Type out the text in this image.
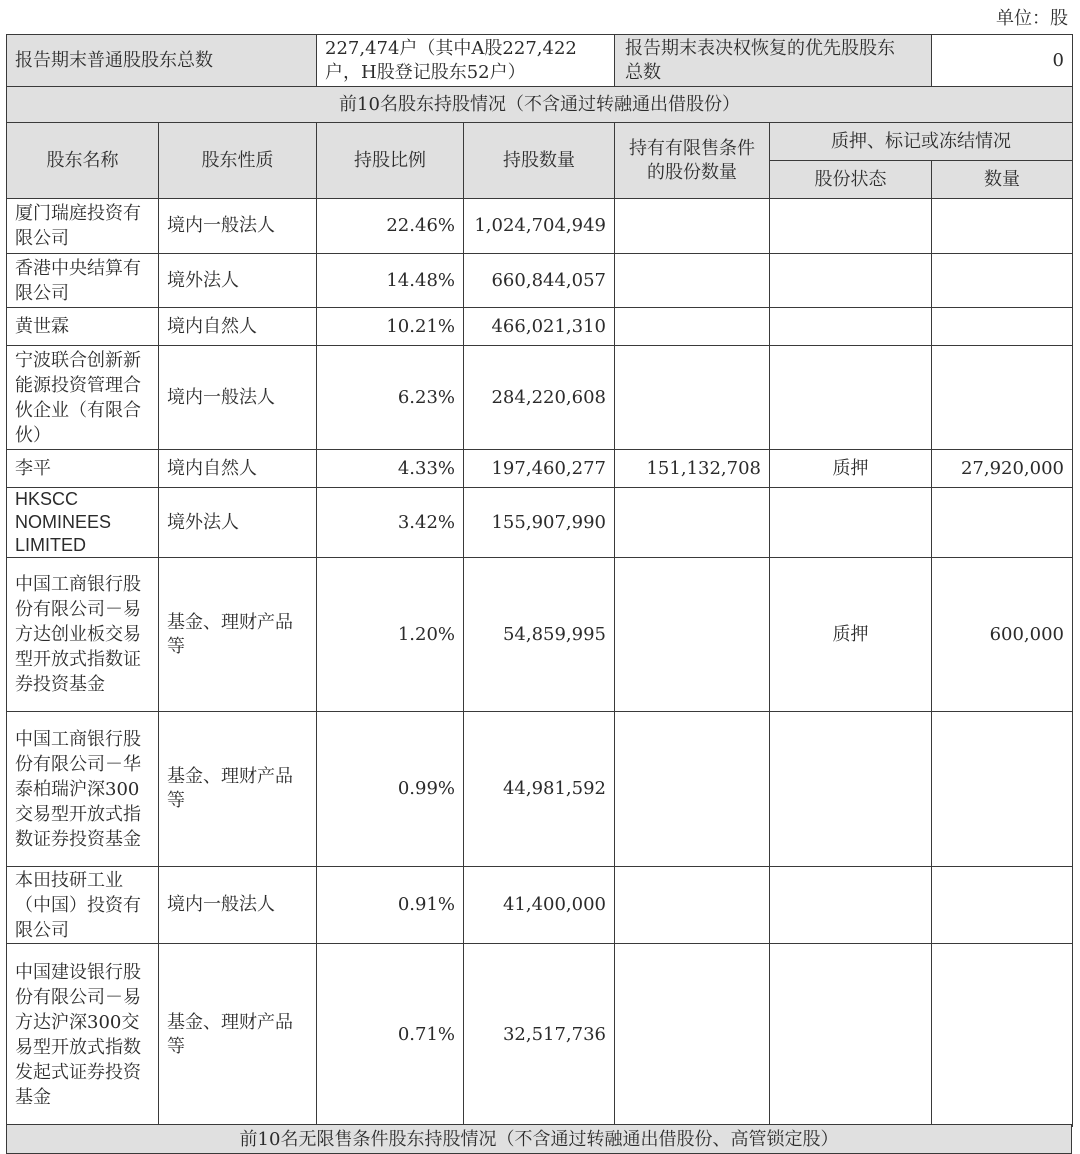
单位：股
报告期末普通股股东总数		227,474户（其中A股227,422户，H股登记股东52户）		报告期末表决权恢复的优先股股东总数		0
前10名股东持股情况（不含通过转融通出借股份）						
股东名称	股东性质	持股比例	持股数量	持有有限售条件的股份数量	质押、标记或冻结情况	
					股份状态	数量
厦门瑞庭投资有限公司	境内一般法人	22.46%	1,024,704,949			
香港中央结算有限公司	境外法人	14.48%	660,844,057			
黄世霖	境内自然人	10.21%	466,021,310			
宁波联合创新新能源投资管理合伙企业（有限合伙）	境内一般法人	6.23%	284,220,608			
李平	境内自然人	4.33%	197,460,277	151,132,708	质押	27,920,000
HKSCC NOMINEES LIMITED	境外法人	3.42%	155,907,990			
中国工商银行股份有限公司－易方达创业板交易型开放式指数证券投资基金	基金、理财产品等	1.20%	54,859,995		质押	600,000
中国工商银行股份有限公司－华泰柏瑞沪深300交易型开放式指数证券投资基金	基金、理财产品等	0.99%	44,981,592			
本田技研工业（中国）投资有限公司	境内一般法人	0.91%	41,400,000			
中国建设银行股份有限公司－易方达沪深300交易型开放式指数发起式证券投资基金	基金、理财产品等	0.71%	32,517,736			
前10名无限售条件股东持股情况（不含通过转融通出借股份、高管锁定股）
